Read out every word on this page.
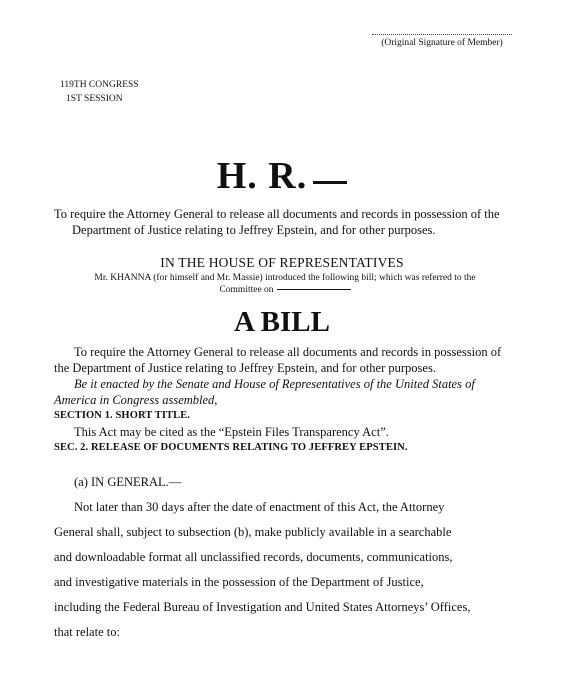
(Original Signature of Member)
119TH CONGRESS
1ST SESSION
H. R.
To require the Attorney General to release all documents and records in possession of the Department of Justice relating to Jeffrey Epstein, and for other purposes.
IN THE HOUSE OF REPRESENTATIVES
Mr. KHANNA (for himself and Mr. Massie) introduced the following bill; which was referred to the
Committee on
A BILL

To require the Attorney General to release all documents and records in possession of the Department of Justice relating to Jeffrey Epstein, and for other purposes.

Be it enacted by the Senate and House of Representatives of the United States of America in Congress assembled,

SECTION 1. SHORT TITLE.

This Act may be cited as the “Epstein Files Transparency Act”.

SEC. 2. RELEASE OF DOCUMENTS RELATING TO JEFFREY EPSTEIN.

(a) IN GENERAL.—

Not later than 30 days after the date of enactment of this Act, the Attorney

General shall, subject to subsection (b), make publicly available in a searchable

and downloadable format all unclassified records, documents, communications,

and investigative materials in the possession of the Department of Justice,

including the Federal Bureau of Investigation and United States Attorneys’ Offices,

that relate to:
